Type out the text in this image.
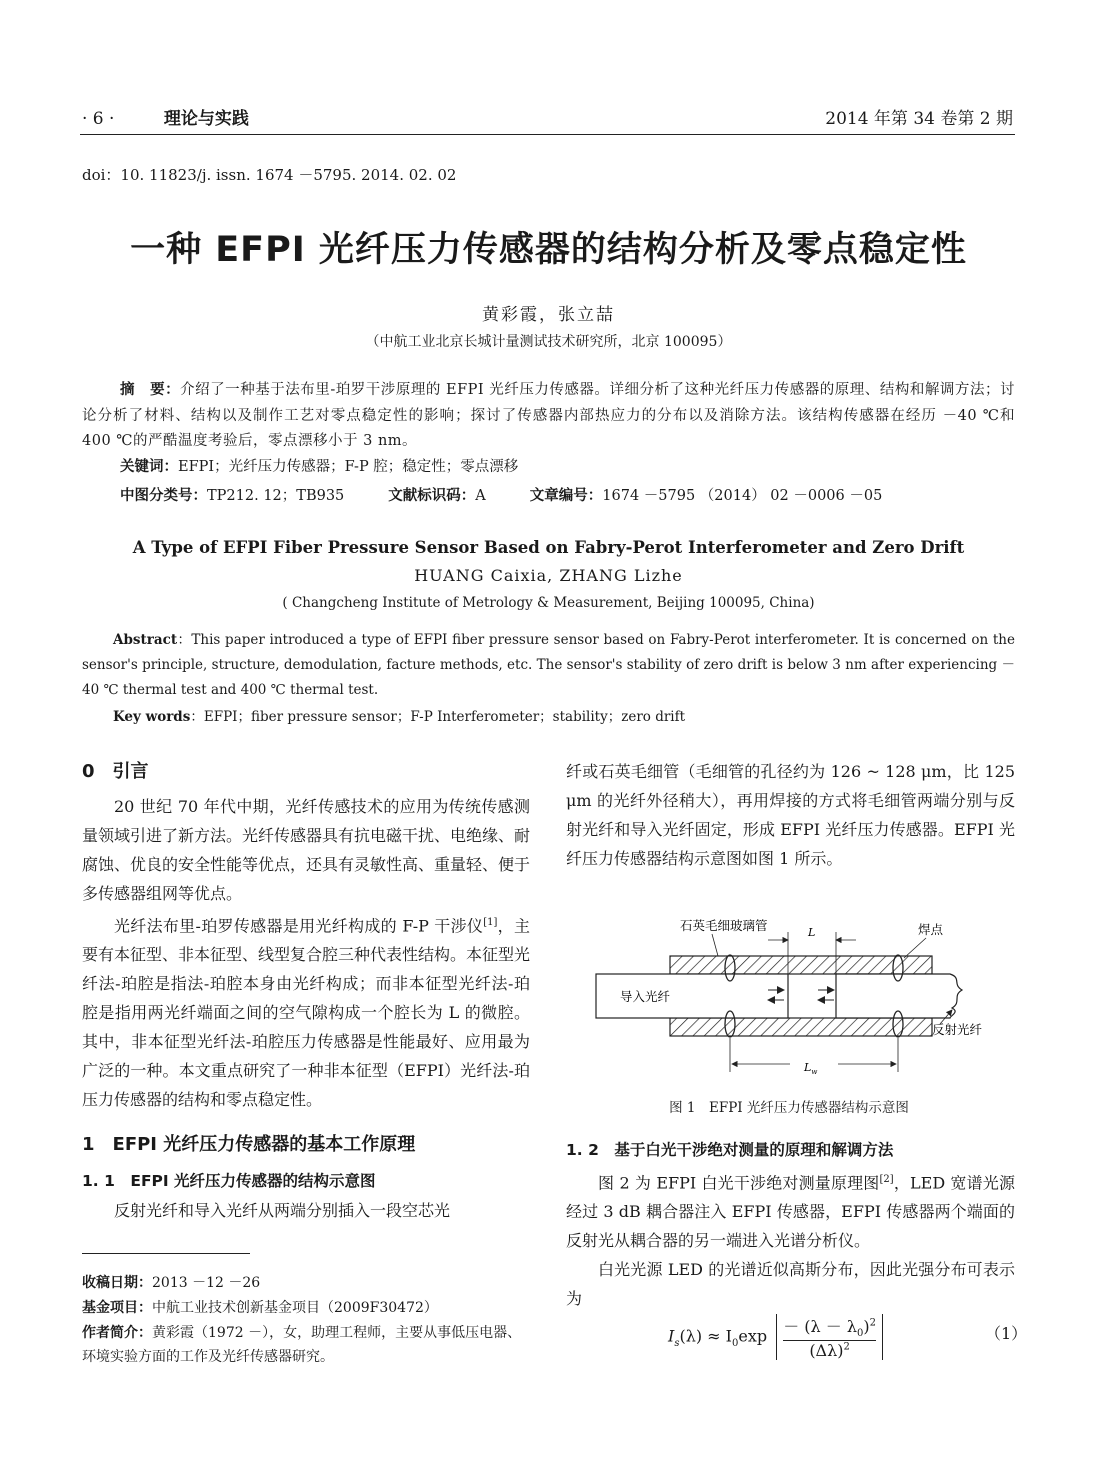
· 6 ·	理论与实践	2014 年第 34 卷第 2 期
doi：10. 11823/j. issn. 1674 －5795. 2014. 02. 02
一种 EFPI 光纤压力传感器的结构分析及零点稳定性
黄彩霞，张立喆
（中航工业北京长城计量测试技术研究所，北京 100095）
摘　要：介绍了一种基于法布里-珀罗干涉原理的 EFPI 光纤压力传感器。详细分析了这种光纤压力传感器的原理、结构和解调方法；讨论分析了材料、结构以及制作工艺对零点稳定性的影响；探讨了传感器内部热应力的分布以及消除方法。该结构传感器在经历 －40 ℃和 400 ℃的严酷温度考验后，零点漂移小于 3 nm。
关键词：EFPI；光纤压力传感器；F-P 腔；稳定性；零点漂移
中图分类号：TP212. 12；TB935	文献标识码：A	文章编号：1674 －5795 （2014） 02 －0006 －05
A Type of EFPI Fiber Pressure Sensor Based on Fabry-Perot Interferometer and Zero Drift
HUANG Caixia, ZHANG Lizhe
( Changcheng Institute of Metrology & Measurement, Beijing 100095, China)
Abstract：This paper introduced a type of EFPI fiber pressure sensor based on Fabry-Perot interferometer. It is concerned on the sensor's principle, structure, demodulation, facture methods, etc. The sensor's stability of zero drift is below 3 nm after experiencing －40 ℃ thermal test and 400 ℃ thermal test.
Key words：EFPI；fiber pressure sensor；F-P Interferometer；stability；zero drift
0　引言

20 世纪 70 年代中期，光纤传感技术的应用为传统传感测量领域引进了新方法。光纤传感器具有抗电磁干扰、电绝缘、耐腐蚀、优良的安全性能等优点，还具有灵敏性高、重量轻、便于多传感器组网等优点。

光纤法布里-珀罗传感器是用光纤构成的 F-P 干涉仪[1]，主要有本征型、非本征型、线型复合腔三种代表性结构。本征型光纤法-珀腔是指法-珀腔本身由光纤构成；而非本征型光纤法-珀腔是指用两光纤端面之间的空气隙构成一个腔长为 L 的微腔。其中，非本征型光纤法-珀腔压力传感器是性能最好、应用最为广泛的一种。本文重点研究了一种非本征型（EFPI）光纤法-珀压力传感器的结构和零点稳定性。

1　EFPI 光纤压力传感器的基本工作原理
1. 1　EFPI 光纤压力传感器的结构示意图

反射光纤和导入光纤从两端分别插入一段空芯光

收稿日期：2013 －12 －26
基金项目：中航工业技术创新基金项目（2009F30472）
作者简介：黄彩霞（1972 －），女，助理工程师，主要从事低压电器、环境实验方面的工作及光纤传感器研究。

纤或石英毛细管（毛细管的孔径约为 126 ~ 128 μm，比 125 μm 的光纤外径稍大），再用焊接的方式将毛细管两端分别与反射光纤和导入光纤固定，形成 EFPI 光纤压力传感器。EFPI 光纤压力传感器结构示意图如图 1 所示。

L
$L_w$
石英毛细玻璃管	焊点
导入光纤
反射光纤
图 1　EFPI 光纤压力传感器结构示意图
1. 2　基于白光干涉绝对测量的原理和解调方法

图 2 为 EFPI 白光干涉绝对测量原理图[2]，LED 宽谱光源经过 3 dB 耦合器注入 EFPI 传感器，EFPI 传感器两个端面的反射光从耦合器的另一端进入光谱分析仪。

白光光源 LED 的光谱近似高斯分布，因此光强分布可表示为

$I_s(\lambda) \approx I_0\exp \frac{- (\lambda - \lambda_0)^2}{(\Delta\lambda)^2}$	（1）
